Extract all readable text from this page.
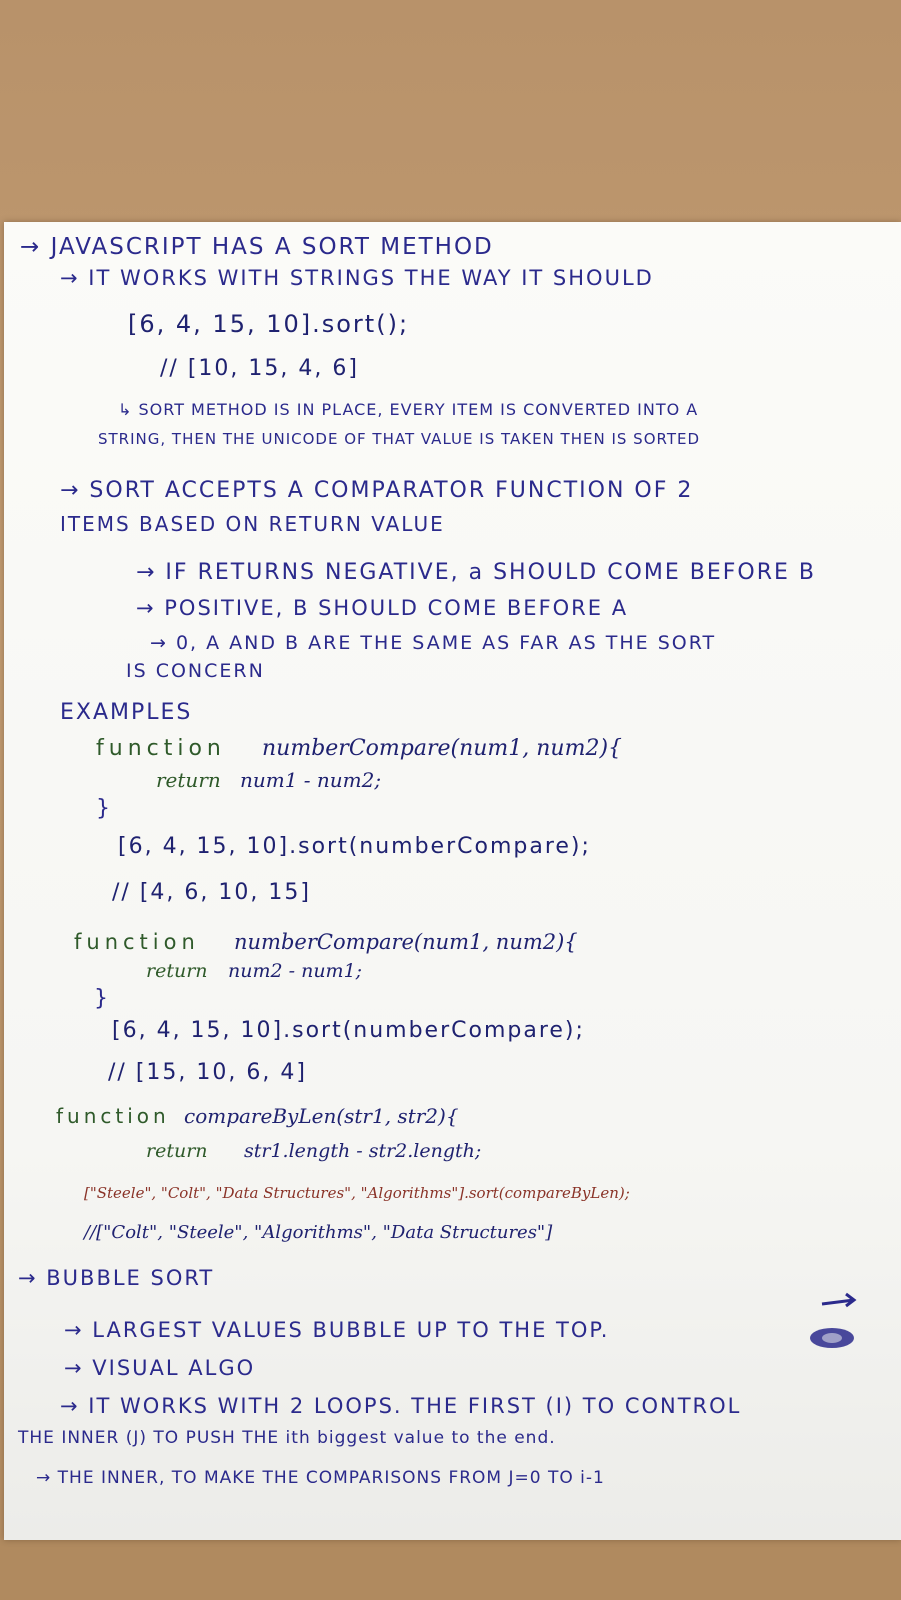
→ JAVASCRIPT HAS A SORT METHOD
→ IT WORKS WITH STRINGS THE WAY IT SHOULD
[6, 4, 15, 10].sort();
// [10, 15, 4, 6]
↳ SORT METHOD IS IN PLACE, EVERY ITEM IS CONVERTED INTO A
STRING, THEN THE UNICODE OF THAT VALUE IS TAKEN THEN IS SORTED
→ SORT ACCEPTS A COMPARATOR FUNCTION OF 2
ITEMS BASED ON RETURN VALUE
→ IF RETURNS NEGATIVE, a SHOULD COME BEFORE B
→ POSITIVE, B SHOULD COME BEFORE A
→ 0, A AND B ARE THE SAME AS FAR AS THE SORT
IS CONCERN
EXAMPLES
function numberCompare(num1, num2){
return num1 - num2;
}
[6, 4, 15, 10].sort(numberCompare);
// [4, 6, 10, 15]
function numberCompare(num1, num2){
return num2 - num1;
}
[6, 4, 15, 10].sort(numberCompare);
// [15, 10, 6, 4]
function compareByLen(str1, str2){
return str1.length - str2.length;
["Steele", "Colt", "Data Structures", "Algorithms"].sort(compareByLen);
//["Colt", "Steele", "Algorithms", "Data Structures"]
→ BUBBLE SORT
→ LARGEST VALUES BUBBLE UP TO THE TOP.
→ VISUAL ALGO
→ IT WORKS WITH 2 LOOPS. THE FIRST (I) TO CONTROL
THE INNER (J) TO PUSH THE ith biggest value to the end.
→ THE INNER, TO MAKE THE COMPARISONS FROM J=0 TO i-1
